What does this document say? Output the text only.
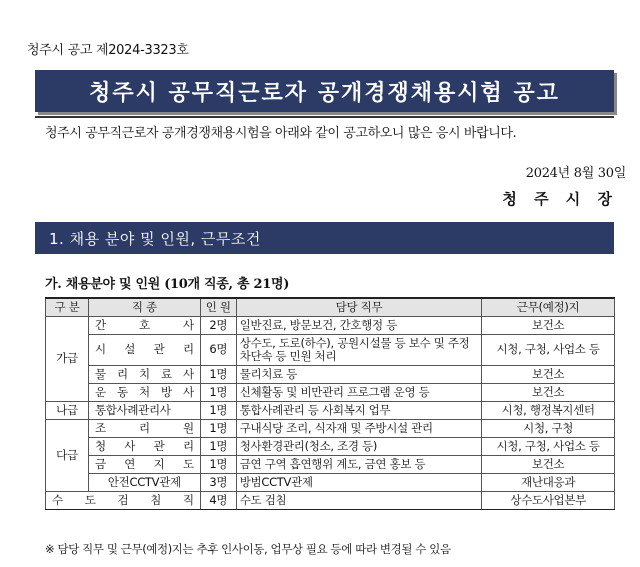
청주시 공고 제2024-3323호
청주시 공무직근로자 공개경쟁채용시험 공고
청주시 공무직근로자 공개경쟁채용시험을 아래와 같이 공고하오니 많은 응시 바랍니다.
2024년 8월 30일
청 주 시 장
1. 채용 분야 및 인원, 근무조건
가. 채용분야 및 인원 (10개 직종, 총 21명)
구 분	직 종	인 원	담당 직무	근무(예정)지
가급	간 호 사	2명	일반진료, 방문보건, 간호행정 등	보건소
	시 설 관 리	6명	상수도, 도로(하수), 공원시설물 등 보수 및 주정차단속 등 민원 처리	시청, 구청, 사업소 등
	물 리 치 료 사	1명	물리치료 등	보건소
	운 동 처 방 사	1명	신체활동 및 비만관리 프로그램 운영 등	보건소
나급	통합사례관리사	1명	통합사례관리 등 사회복지 업무	시청, 행정복지센터
다급	조 리 원	1명	구내식당 조리, 식자재 및 주방시설 관리	시청, 구청
	청 사 관 리	1명	청사환경관리(청소, 조경 등)	시청, 구청, 사업소 등
	금 연 지 도	1명	금연 구역 흡연행위 계도, 금연 홍보 등	보건소
	안전CCTV관제	3명	방범CCTV관제	재난대응과
수 도 검 침 직		4명	수도 검침	상수도사업본부
※ 담당 직무 및 근무(예정)지는 추후 인사이동, 업무상 필요 등에 따라 변경될 수 있음
